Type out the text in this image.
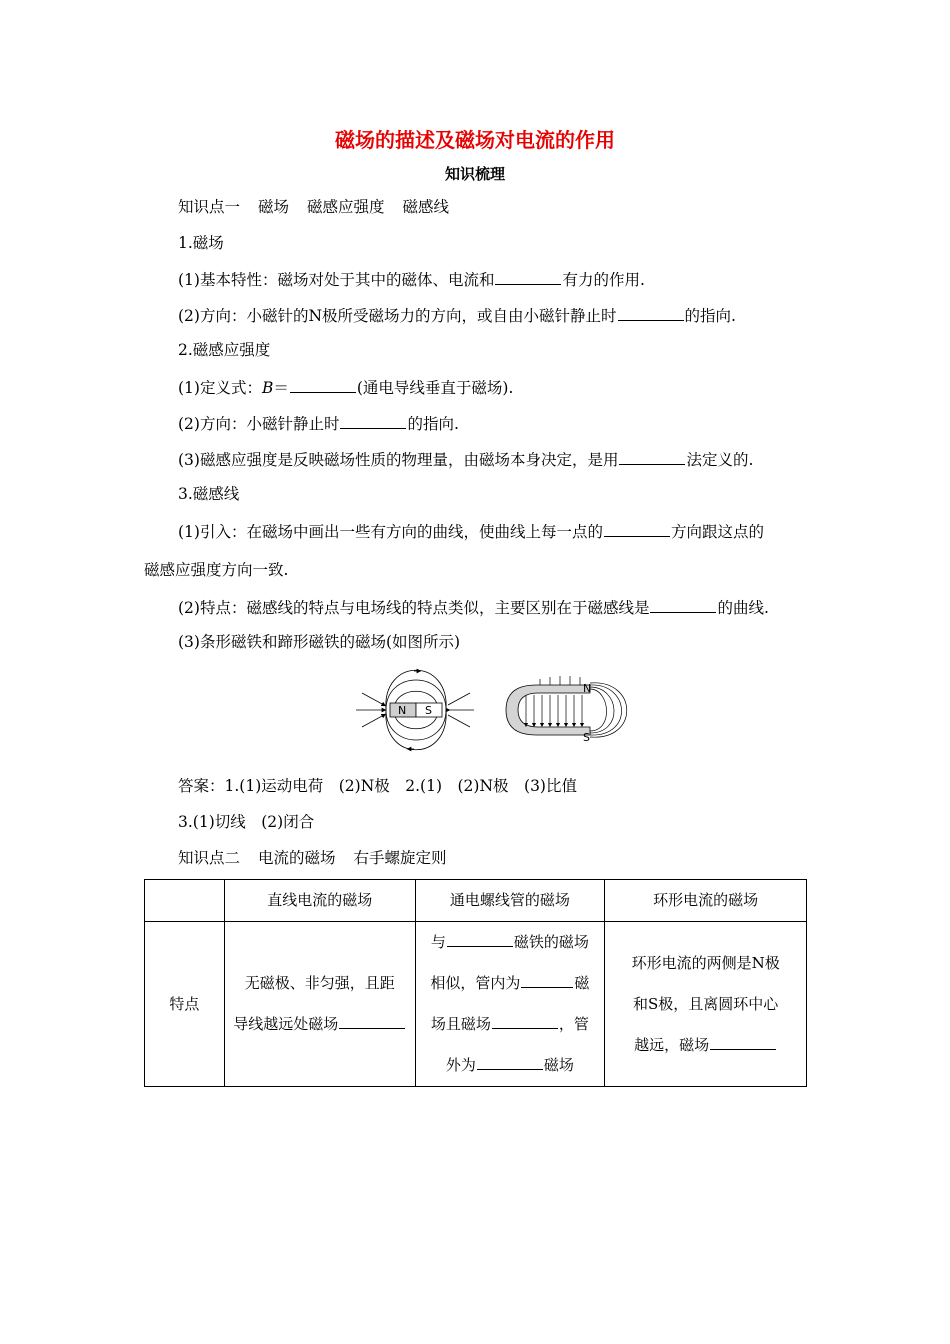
磁场的描述及磁场对电流的作用
知识梳理
知识点一 磁场 磁感应强度 磁感线
1.磁场
(1)基本特性：磁场对处于其中的磁体、电流和	有力的作用.
(2)方向：小磁针的N极所受磁场力的方向，或自由小磁针静止时	的指向.
2.磁感应强度
(1)定义式：B＝	(通电导线垂直于磁场).
(2)方向：小磁针静止时	的指向.
(3)磁感应强度是反映磁场性质的物理量，由磁场本身决定，是用	法定义的.
3.磁感线
(1)引入：在磁场中画出一些有方向的曲线，使曲线上每一点的	方向跟这点的
磁感应强度方向一致.
(2)特点：磁感线的特点与电场线的特点类似，主要区别在于磁感线是	的曲线.
(3)条形磁铁和蹄形磁铁的磁场(如图所示)
N S
N
S
答案：1.(1)运动电荷　(2)N极　2.(1)　(2)N极　(3)比值
3.(1)切线　(2)闭合
知识点二 电流的磁场 右手螺旋定则
	直线电流的磁场	通电螺线管的磁场	环形电流的磁场
特点	无磁极、非匀强，且距
导线越远处磁场	与 磁铁的磁场
相似，管内为 磁
场且磁场 ，管
外为 磁场	环形电流的两侧是N极
和S极，且离圆环中心
越远，磁场
